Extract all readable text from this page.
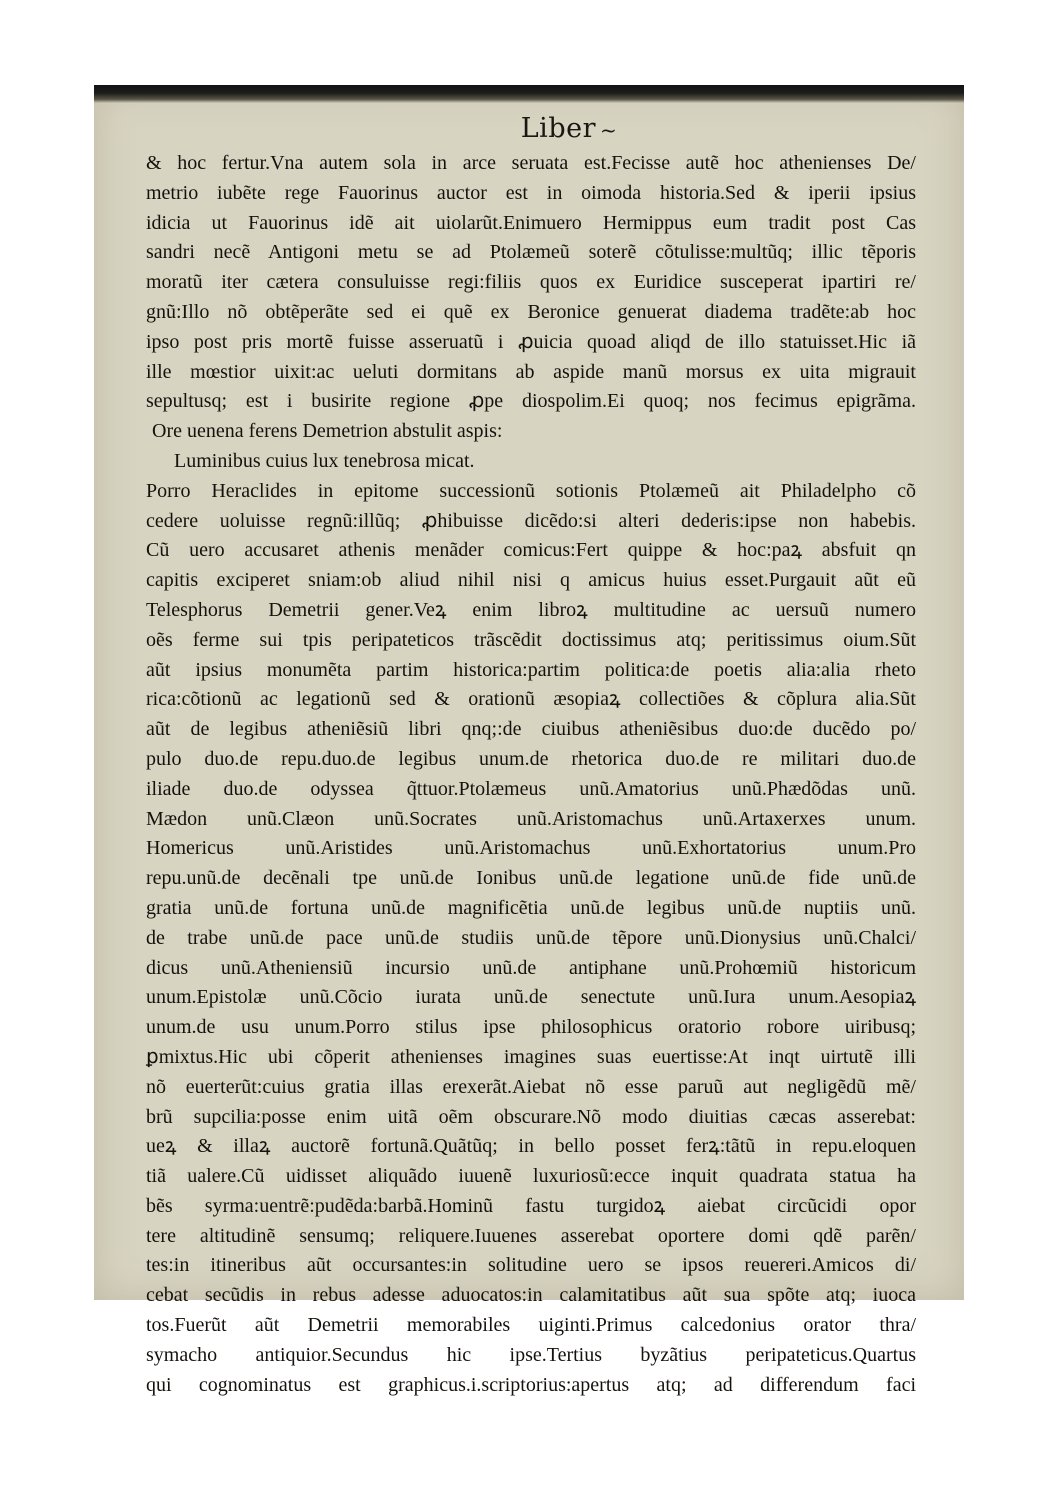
Liber ~
& hoc fertur.Vna autem sola in arce seruata est.Fecisse autẽ hoc athenienses De/
metrio iubẽte rege Fauorinus auctor est in oimoda historia.Sed & iperii ipsius
idicia ut Fauorinus idẽ ait uiolarũt.Enimuero Hermippus eum tradit post Cas
sandri necẽ Antigoni metu se ad Ptolæmeũ soterẽ cõtulisse:multũq; illic tẽporis
moratũ iter cætera consuluisse regi:filiis quos ex Euridice susceperat ipartiri re/
gnũ:Illo nõ obtẽperãte sed ei quẽ ex Beronice genuerat diadema tradẽte:ab hoc
ipso post pris mortẽ fuisse asseruatũ i ꝓuicia quoad aliqd de illo statuisset.Hic iã
ille mœstior uixit:ac ueluti dormitans ab aspide manũ morsus ex uita migrauit
sepultusq; est i busirite regione ꝓpe diospolim.Ei quoq; nos fecimus epigrãma.
Ore uenena ferens Demetrion abstulit aspis:
Luminibus cuius lux tenebrosa micat.
Porro Heraclides in epitome successionũ sotionis Ptolæmeũ ait Philadelpho cõ
cedere uoluisse regnũ:illũq; ꝓhibuisse dicẽdo:si alteri dederis:ipse non habebis.
Cũ uero accusaret athenis menãder comicus:Fert quippe & hoc:paꝝ absfuit qn
capitis exciperet sniam:ob aliud nihil nisi q amicus huius esset.Purgauit aũt eũ
Telesphorus Demetrii gener.Veꝝ enim libroꝝ multitudine ac uersuũ numero
oẽs ferme sui tpis peripateticos trãscẽdit doctissimus atq; peritissimus oium.Sũt
aũt ipsius monumẽta partim historica:partim politica:de poetis alia:alia rheto
rica:cõtionũ ac legationũ sed & orationũ æsopiaꝝ collectiões & cõplura alia.Sũt
aũt de legibus atheniẽsiũ libri qnq;:de ciuibus atheniẽsibus duo:de ducẽdo po/
pulo duo.de repu.duo.de legibus unum.de rhetorica duo.de re militari duo.de
iliade duo.de odyssea q̃ttuor.Ptolæmeus unũ.Amatorius unũ.Phædõdas unũ.
Mædon unũ.Clæon unũ.Socrates unũ.Aristomachus unũ.Artaxerxes unum.
Homericus unũ.Aristides unũ.Aristomachus unũ.Exhortatorius unum.Pro
repu.unũ.de decẽnali tpe unũ.de Ionibus unũ.de legatione unũ.de fide unũ.de
gratia unũ.de fortuna unũ.de magnificẽtia unũ.de legibus unũ.de nuptiis unũ.
de trabe unũ.de pace unũ.de studiis unũ.de tẽpore unũ.Dionysius unũ.Chalci/
dicus unũ.Atheniensiũ incursio unũ.de antiphane unũ.Prohœmiũ historicum
unum.Epistolæ unũ.Cõcio iurata unũ.de senectute unũ.Iura unum.Aesopiaꝝ
unum.de usu unum.Porro stilus ipse philosophicus oratorio robore uiribusq;
ꝑmixtus.Hic ubi cõperit athenienses imagines suas euertisse:At inqt uirtutẽ illi
nõ euerterũt:cuius gratia illas erexerãt.Aiebat nõ esse paruũ aut negligẽdũ mẽ/
brũ supcilia:posse enim uitã oẽm obscurare.Nõ modo diuitias cæcas asserebat:
ueꝝ & illaꝝ auctorẽ fortunã.Quãtũq; in bello posset ferꝝ:tãtũ in repu.eloquen
tiã ualere.Cũ uidisset aliquãdo iuuenẽ luxuriosũ:ecce inquit quadrata statua ha
bẽs syrma:uentrẽ:pudẽda:barbã.Hominũ fastu turgidoꝝ aiebat circũcidi opor
tere altitudinẽ sensumq; reliquere.Iuuenes asserebat oportere domi qdẽ parẽn/
tes:in itineribus aũt occursantes:in solitudine uero se ipsos reuereri.Amicos di/
cebat secũdis in rebus adesse aduocatos:in calamitatibus aũt sua spõte atq; iuoca
tos.Fuerũt aũt Demetrii memorabiles uiginti.Primus calcedonius orator thra/
symacho antiquior.Secundus hic ipse.Tertius byzãtius peripateticus.Quartus
qui cognominatus est graphicus.i.scriptorius:apertus atq; ad differendum faci
